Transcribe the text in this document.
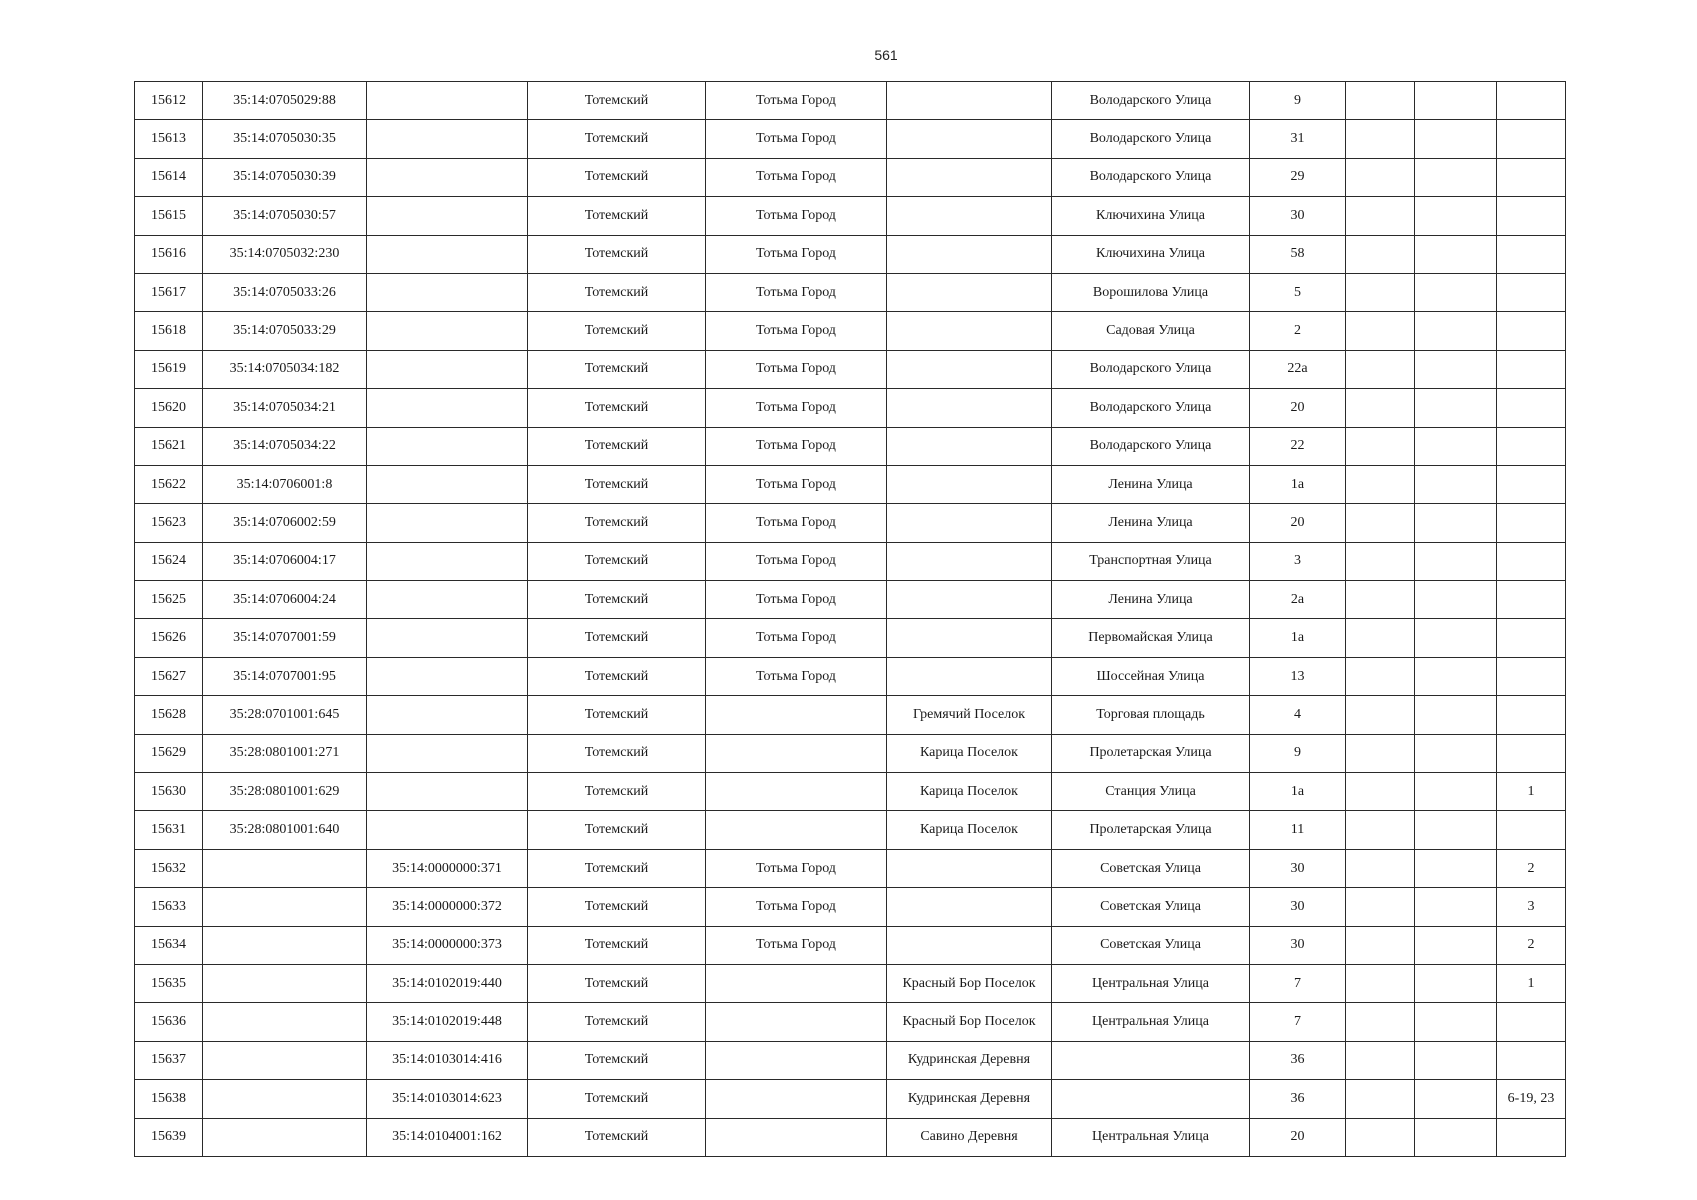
561
15612	35:14:0705029:88		Тотемский	Тотьма Город		Володарского Улица	9			
15613	35:14:0705030:35		Тотемский	Тотьма Город		Володарского Улица	31			
15614	35:14:0705030:39		Тотемский	Тотьма Город		Володарского Улица	29			
15615	35:14:0705030:57		Тотемский	Тотьма Город		Ключихина Улица	30			
15616	35:14:0705032:230		Тотемский	Тотьма Город		Ключихина Улица	58			
15617	35:14:0705033:26		Тотемский	Тотьма Город		Ворошилова Улица	5			
15618	35:14:0705033:29		Тотемский	Тотьма Город		Садовая Улица	2			
15619	35:14:0705034:182		Тотемский	Тотьма Город		Володарского Улица	22а			
15620	35:14:0705034:21		Тотемский	Тотьма Город		Володарского Улица	20			
15621	35:14:0705034:22		Тотемский	Тотьма Город		Володарского Улица	22			
15622	35:14:0706001:8		Тотемский	Тотьма Город		Ленина Улица	1а			
15623	35:14:0706002:59		Тотемский	Тотьма Город		Ленина Улица	20			
15624	35:14:0706004:17		Тотемский	Тотьма Город		Транспортная Улица	3			
15625	35:14:0706004:24		Тотемский	Тотьма Город		Ленина Улица	2а			
15626	35:14:0707001:59		Тотемский	Тотьма Город		Первомайская Улица	1а			
15627	35:14:0707001:95		Тотемский	Тотьма Город		Шоссейная Улица	13			
15628	35:28:0701001:645		Тотемский		Гремячий Поселок	Торговая площадь	4			
15629	35:28:0801001:271		Тотемский		Карица Поселок	Пролетарская Улица	9			
15630	35:28:0801001:629		Тотемский		Карица Поселок	Станция Улица	1а			1
15631	35:28:0801001:640		Тотемский		Карица Поселок	Пролетарская Улица	11			
15632		35:14:0000000:371	Тотемский	Тотьма Город		Советская Улица	30			2
15633		35:14:0000000:372	Тотемский	Тотьма Город		Советская Улица	30			3
15634		35:14:0000000:373	Тотемский	Тотьма Город		Советская Улица	30			2
15635		35:14:0102019:440	Тотемский		Красный Бор Поселок	Центральная Улица	7			1
15636		35:14:0102019:448	Тотемский		Красный Бор Поселок	Центральная Улица	7			
15637		35:14:0103014:416	Тотемский		Кудринская Деревня		36			
15638		35:14:0103014:623	Тотемский		Кудринская Деревня		36			6-19, 23
15639		35:14:0104001:162	Тотемский		Савино Деревня	Центральная Улица	20			
